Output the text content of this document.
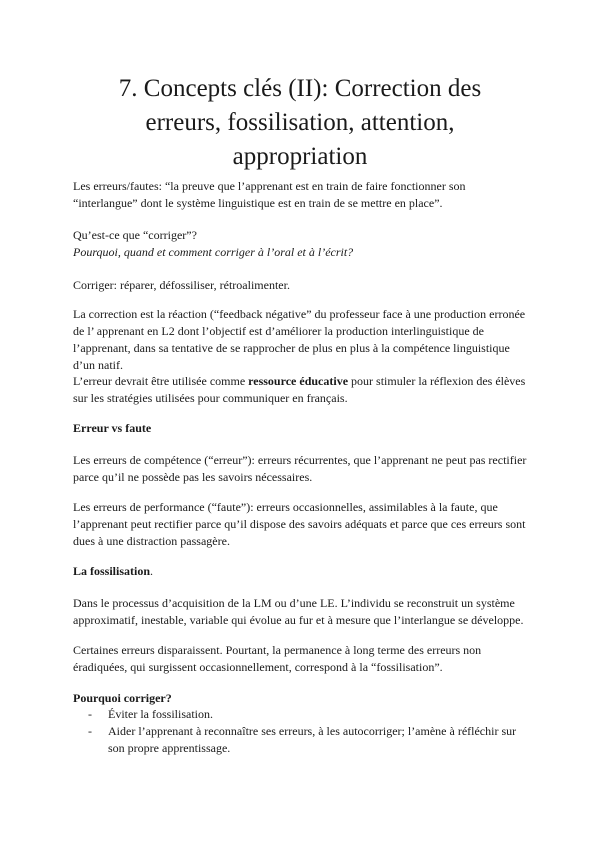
7. Concepts clés (II): Correction des
erreurs, fossilisation, attention,
appropriation

Les erreurs/fautes: “la preuve que l’apprenant est en train de faire fonctionner son “interlangue” dont le système linguistique est en train de se mettre en place”.

Qu’est-ce que “corriger”?

Pourquoi, quand et comment corriger à l’oral et à l’écrit?

Corriger: réparer, défossiliser, rétroalimenter.

La correction est la réaction (“feedback négative” du professeur face à une production erronée de l’ apprenant en L2 dont l’objectif est d’améliorer la production interlinguistique de l’apprenant, dans sa tentative de se rapprocher de plus en plus à la compétence linguistique d’un natif.

L’erreur devrait être utilisée comme ressource éducative pour stimuler la réflexion des élèves sur les stratégies utilisées pour communiquer en français.

Erreur vs faute

Les erreurs de compétence (“erreur”): erreurs récurrentes, que l’apprenant ne peut pas rectifier parce qu’il ne possède pas les savoirs nécessaires.

Les erreurs de performance (“faute”): erreurs occasionnelles, assimilables à la faute, que l’apprenant peut rectifier parce qu’il dispose des savoirs adéquats et parce que ces erreurs sont dues à une distraction passagère.

La fossilisation.

Dans le processus d’acquisition de la LM ou d’une LE. L’individu se reconstruit un système approximatif, inestable, variable qui évolue au fur et à mesure que l’interlangue se développe.

Certaines erreurs disparaissent. Pourtant, la permanence à long terme des erreurs non éradiquées, qui surgissent occasionnellement, correspond à la “fossilisation”.

Pourquoi corriger?

- Éviter la fossilisation.
- Aider l’apprenant à reconnaître ses erreurs, à les autocorriger; l’amène à réfléchir sur son propre apprentissage.
